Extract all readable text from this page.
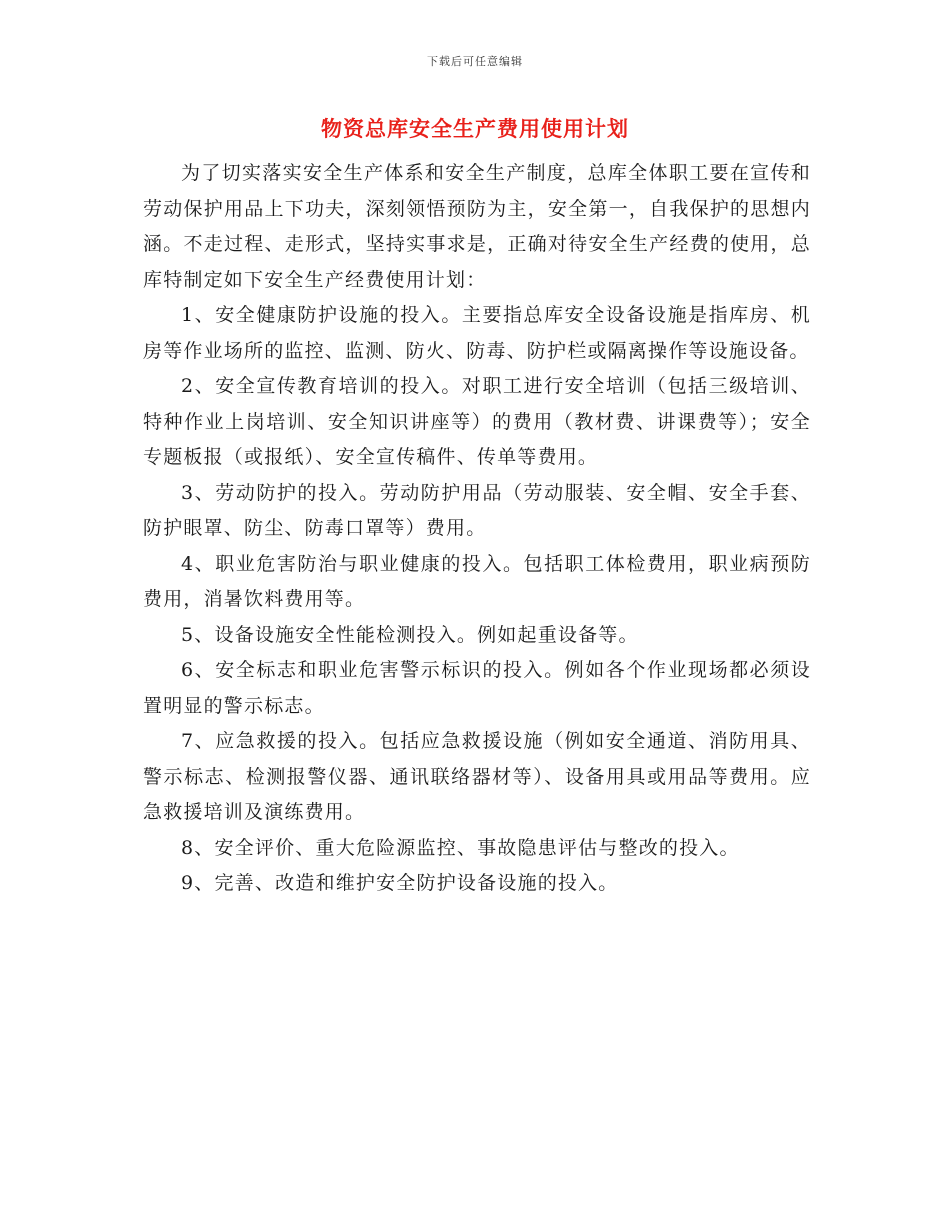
下载后可任意编辑
物资总库安全生产费用使用计划

为了切实落实安全生产体系和安全生产制度，总库全体职工要在宣传和劳动保护用品上下功夫，深刻领悟预防为主，安全第一，自我保护的思想内涵。不走过程、走形式，坚持实事求是，正确对待安全生产经费的使用，总库特制定如下安全生产经费使用计划：

1、安全健康防护设施的投入。主要指总库安全设备设施是指库房、机房等作业场所的监控、监测、防火、防毒、防护栏或隔离操作等设施设备。

2、安全宣传教育培训的投入。对职工进行安全培训（包括三级培训、特种作业上岗培训、安全知识讲座等）的费用（教材费、讲课费等）；安全专题板报（或报纸）、安全宣传稿件、传单等费用。

3、劳动防护的投入。劳动防护用品（劳动服装、安全帽、安全手套、防护眼罩、防尘、防毒口罩等）费用。

4、职业危害防治与职业健康的投入。包括职工体检费用，职业病预防费用，消暑饮料费用等。

5、设备设施安全性能检测投入。例如起重设备等。

6、安全标志和职业危害警示标识的投入。例如各个作业现场都必须设置明显的警示标志。

7、应急救援的投入。包括应急救援设施（例如安全通道、消防用具、警示标志、检测报警仪器、通讯联络器材等）、设备用具或用品等费用。应急救援培训及演练费用。

8、安全评价、重大危险源监控、事故隐患评估与整改的投入。

9、完善、改造和维护安全防护设备设施的投入。
